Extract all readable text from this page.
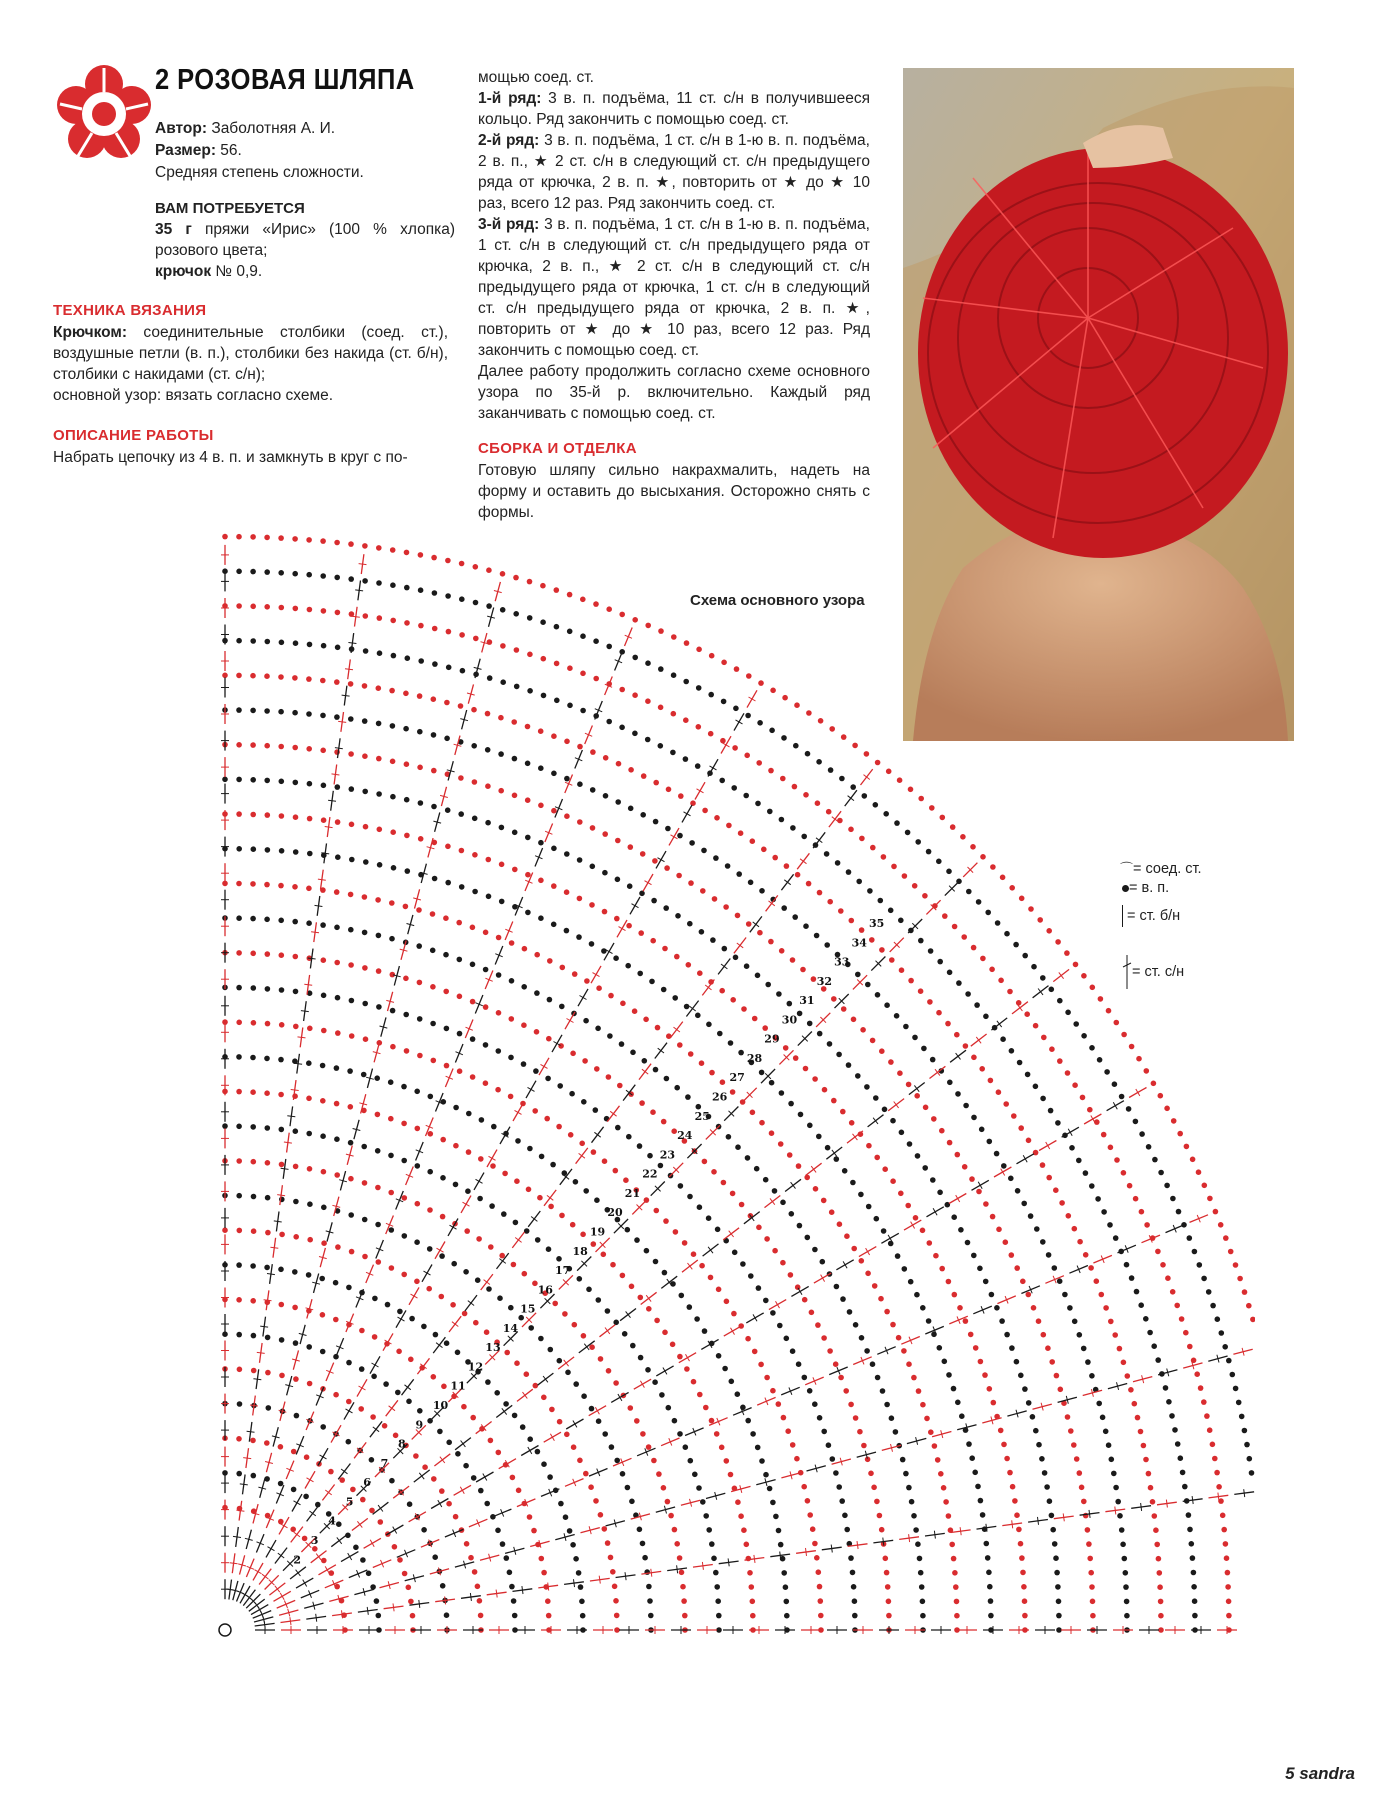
2 РОЗОВАЯ ШЛЯПА
Автор: Заболотняя А. И.
Размер: 56.
Средняя степень сложности.
ВАМ ПОТРЕБУЕТСЯ
35 г пряжи «Ирис» (100 % хлопка) розового цвета;
крючок № 0,9.
ТЕХНИКА ВЯЗАНИЯ
Крючком: соединительные столбики (соед. ст.), воздушные петли (в. п.), столбики без накида (ст. б/н), столбики с накидами (ст. с/н);
основной узор: вязать согласно схеме.
ОПИСАНИЕ РАБОТЫ
Набрать цепочку из 4 в. п. и замкнуть в круг с по-
мощью соед. ст.
1-й ряд: 3 в. п. подъёма, 11 ст. с/н в получившееся кольцо. Ряд закончить с помощью соед. ст.
2-й ряд: 3 в. п. подъёма, 1 ст. с/н в 1-ю в. п. подъёма, 2 в. п., ★ 2 ст. с/н в следующий ст. с/н предыдущего ряда от крючка, 2 в. п. ★, повторить от ★ до ★ 10 раз, всего 12 раз. Ряд закончить соед. ст.
3-й ряд: 3 в. п. подъёма, 1 ст. с/н в 1-ю в. п. подъёма, 1 ст. с/н в следующий ст. с/н предыдущего ряда от крючка, 2 в. п., ★ 2 ст. с/н в следующий ст. с/н предыдущего ряда от крючка, 1 ст. с/н в следующий ст. с/н предыдущего ряда от крючка, 2 в. п. ★, повторить от ★ до ★ 10 раз, всего 12 раз. Ряд закончить с помощью соед. ст.
Далее работу продолжить согласно схеме основного узора по 35-й р. включительно. Каждый ряд заканчивать с помощью соед. ст.
СБОРКА И ОТДЕЛКА
Готовую шляпу сильно накрахмалить, надеть на форму и оставить до высыхания. Осторожно снять с формы.
Схема основного узора
⌒= соед. ст.
= в. п.
= ст. б/н
= ст. с/н
2
3
4
5
6
7
8
9
10
11
12
13
14
15
16
17
18
19
20
21
22
23
24
25
26
27
28
29
30
31
32
33
34
35
5 sandra
